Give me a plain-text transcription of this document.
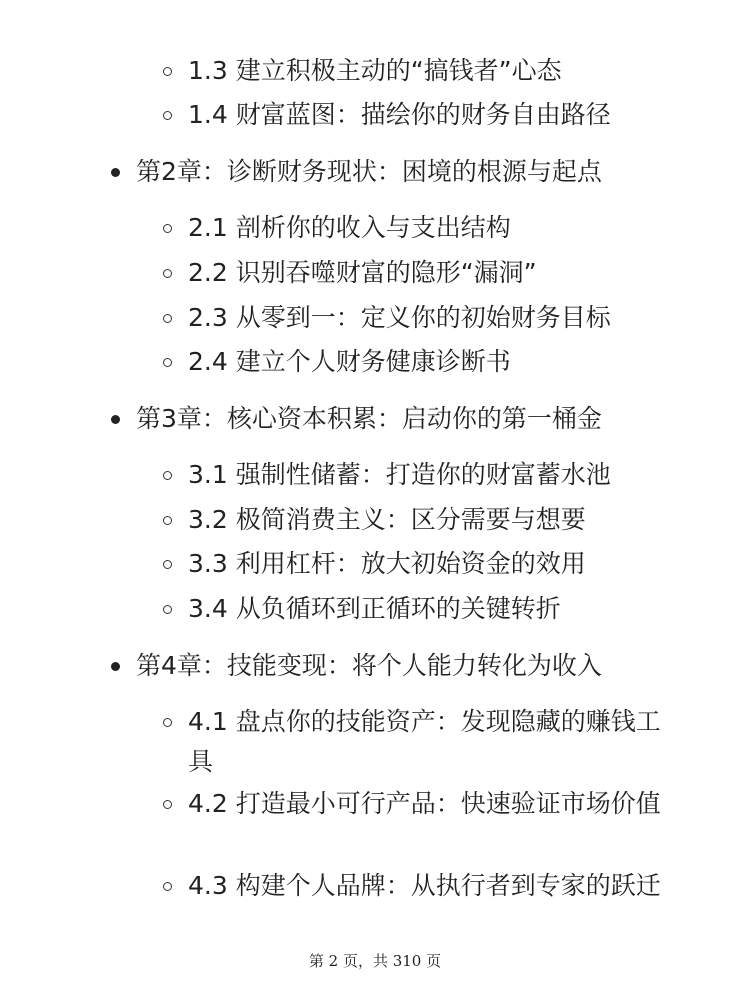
1.3 建立积极主动的“搞钱者”心态
1.4 财富蓝图：描绘你的财务自由路径
第2章：诊断财务现状：困境的根源与起点
2.1 剖析你的收入与支出结构
2.2 识别吞噬财富的隐形“漏洞”
2.3 从零到一：定义你的初始财务目标
2.4 建立个人财务健康诊断书
第3章：核心资本积累：启动你的第一桶金
3.1 强制性储蓄：打造你的财富蓄水池
3.2 极简消费主义：区分需要与想要
3.3 利用杠杆：放大初始资金的效用
3.4 从负循环到正循环的关键转折
第4章：技能变现：将个人能力转化为收入
4.1 盘点你的技能资产：发现隐藏的赚钱工具
4.2 打造最小可行产品：快速验证市场价值
4.3 构建个人品牌：从执行者到专家的跃迁
第 2 页，共 310 页
